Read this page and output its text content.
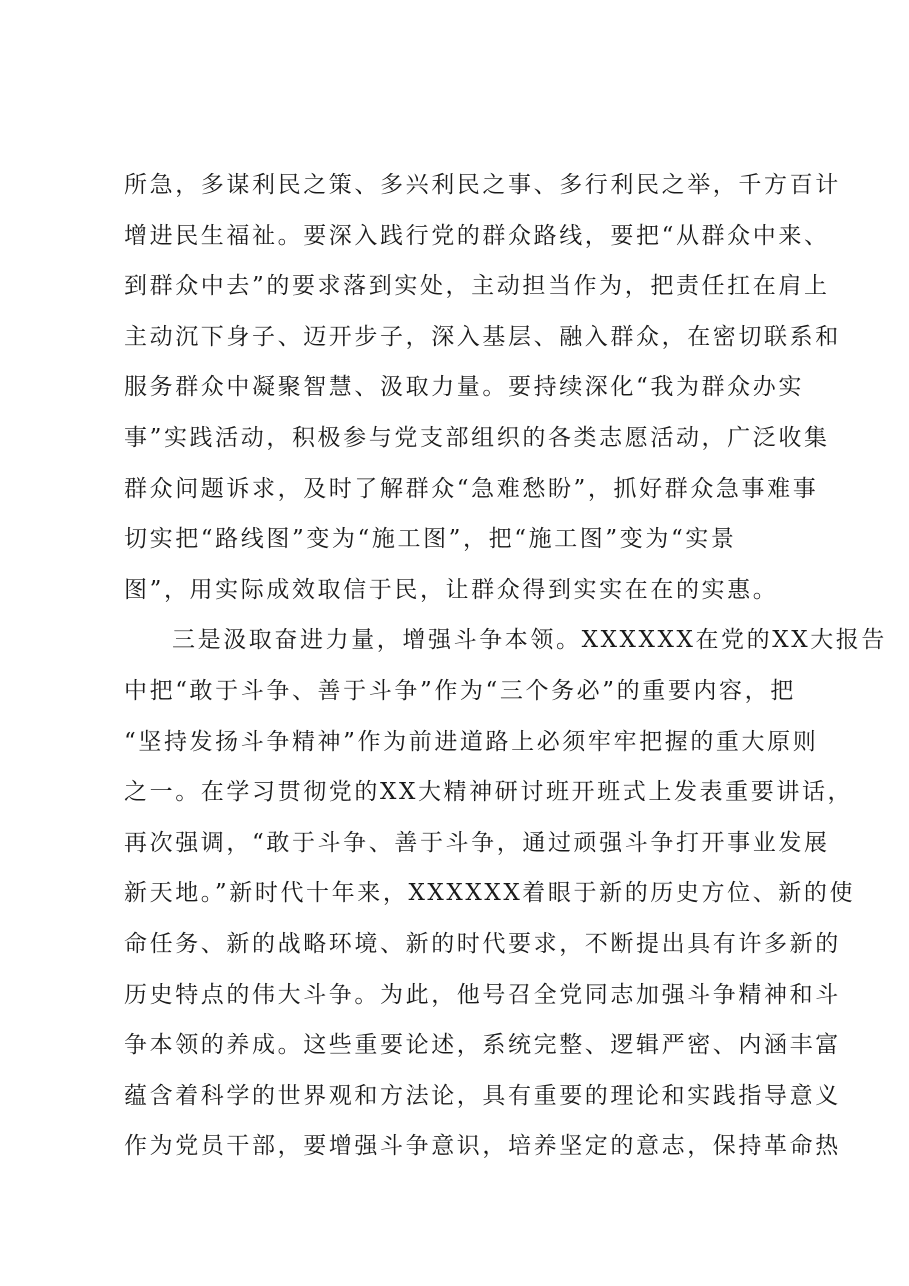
所急，多谋利民之策、多兴利民之事、多行利民之举，千方百计
增进民生福祉。要深入践行党的群众路线，要把“从群众中来、
到群众中去”的要求落到实处，主动担当作为，把责任扛在肩上
主动沉下身子、迈开步子，深入基层、融入群众，在密切联系和
服务群众中凝聚智慧、汲取力量。要持续深化“我为群众办实
事”实践活动，积极参与党支部组织的各类志愿活动，广泛收集
群众问题诉求，及时了解群众“急难愁盼”，抓好群众急事难事
切实把“路线图”变为“施工图”，把“施工图”变为“实景
图”，用实际成效取信于民，让群众得到实实在在的实惠。
三是汲取奋进力量，增强斗争本领。XXXXXX在党的XX大报告
中把“敢于斗争、善于斗争”作为“三个务必”的重要内容，把
“坚持发扬斗争精神”作为前进道路上必须牢牢把握的重大原则
之一。在学习贯彻党的XX大精神研讨班开班式上发表重要讲话，
再次强调，“敢于斗争、善于斗争，通过顽强斗争打开事业发展
新天地。”新时代十年来，XXXXXX着眼于新的历史方位、新的使
命任务、新的战略环境、新的时代要求，不断提出具有许多新的
历史特点的伟大斗争。为此，他号召全党同志加强斗争精神和斗
争本领的养成。这些重要论述，系统完整、逻辑严密、内涵丰富
蕴含着科学的世界观和方法论，具有重要的理论和实践指导意义
作为党员干部，要增强斗争意识，培养坚定的意志，保持革命热
